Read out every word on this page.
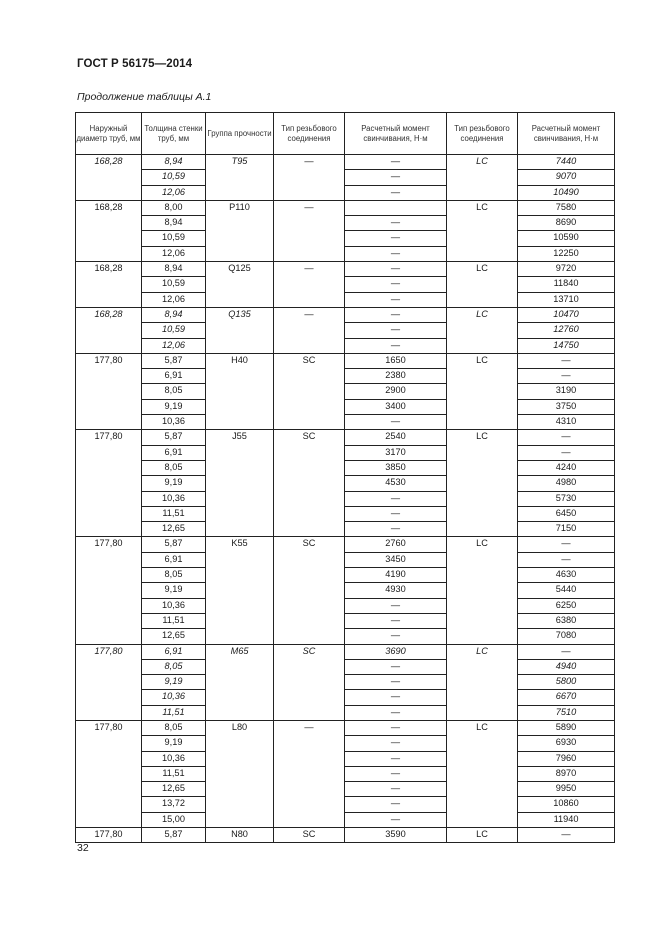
ГОСТ Р 56175—2014
Продолжение таблицы А.1
Наружный диаметр труб, мм	Толщина стенки труб, мм	Группа прочности	Тип резьбового соединения	Расчетный момент свинчивания, Н·м	Тип резьбового соединения	Расчетный момент свинчивания, Н·м
168,28	8,94	T95	—	—	LC	7440
	10,59			—		9070
	12,06			—		10490
168,28	8,00	P110	—		LC	7580
	8,94			—		8690
	10,59			—		10590
	12,06			—		12250
168,28	8,94	Q125	—	—	LC	9720
	10,59			—		11840
	12,06			—		13710
168,28	8,94	Q135	—	—	LC	10470
	10,59			—		12760
	12,06			—		14750
177,80	5,87	H40	SC	1650	LC	—
	6,91			2380		—
	8,05			2900		3190
	9,19			3400		3750
	10,36			—		4310
177,80	5,87	J55	SC	2540	LC	—
	6,91			3170		—
	8,05			3850		4240
	9,19			4530		4980
	10,36			—		5730
	11,51			—		6450
	12,65			—		7150
177,80	5,87	K55	SC	2760	LC	—
	6,91			3450		—
	8,05			4190		4630
	9,19			4930		5440
	10,36			—		6250
	11,51			—		6380
	12,65			—		7080
177,80	6,91	M65	SC	3690	LC	—
	8,05			—		4940
	9,19			—		5800
	10,36			—		6670
	11,51			—		7510
177,80	8,05	L80	—	—	LC	5890
	9,19			—		6930
	10,36			—		7960
	11,51			—		8970
	12,65			—		9950
	13,72			—		10860
	15,00			—		11940
177,80	5,87	N80	SC	3590	LC	—
32
